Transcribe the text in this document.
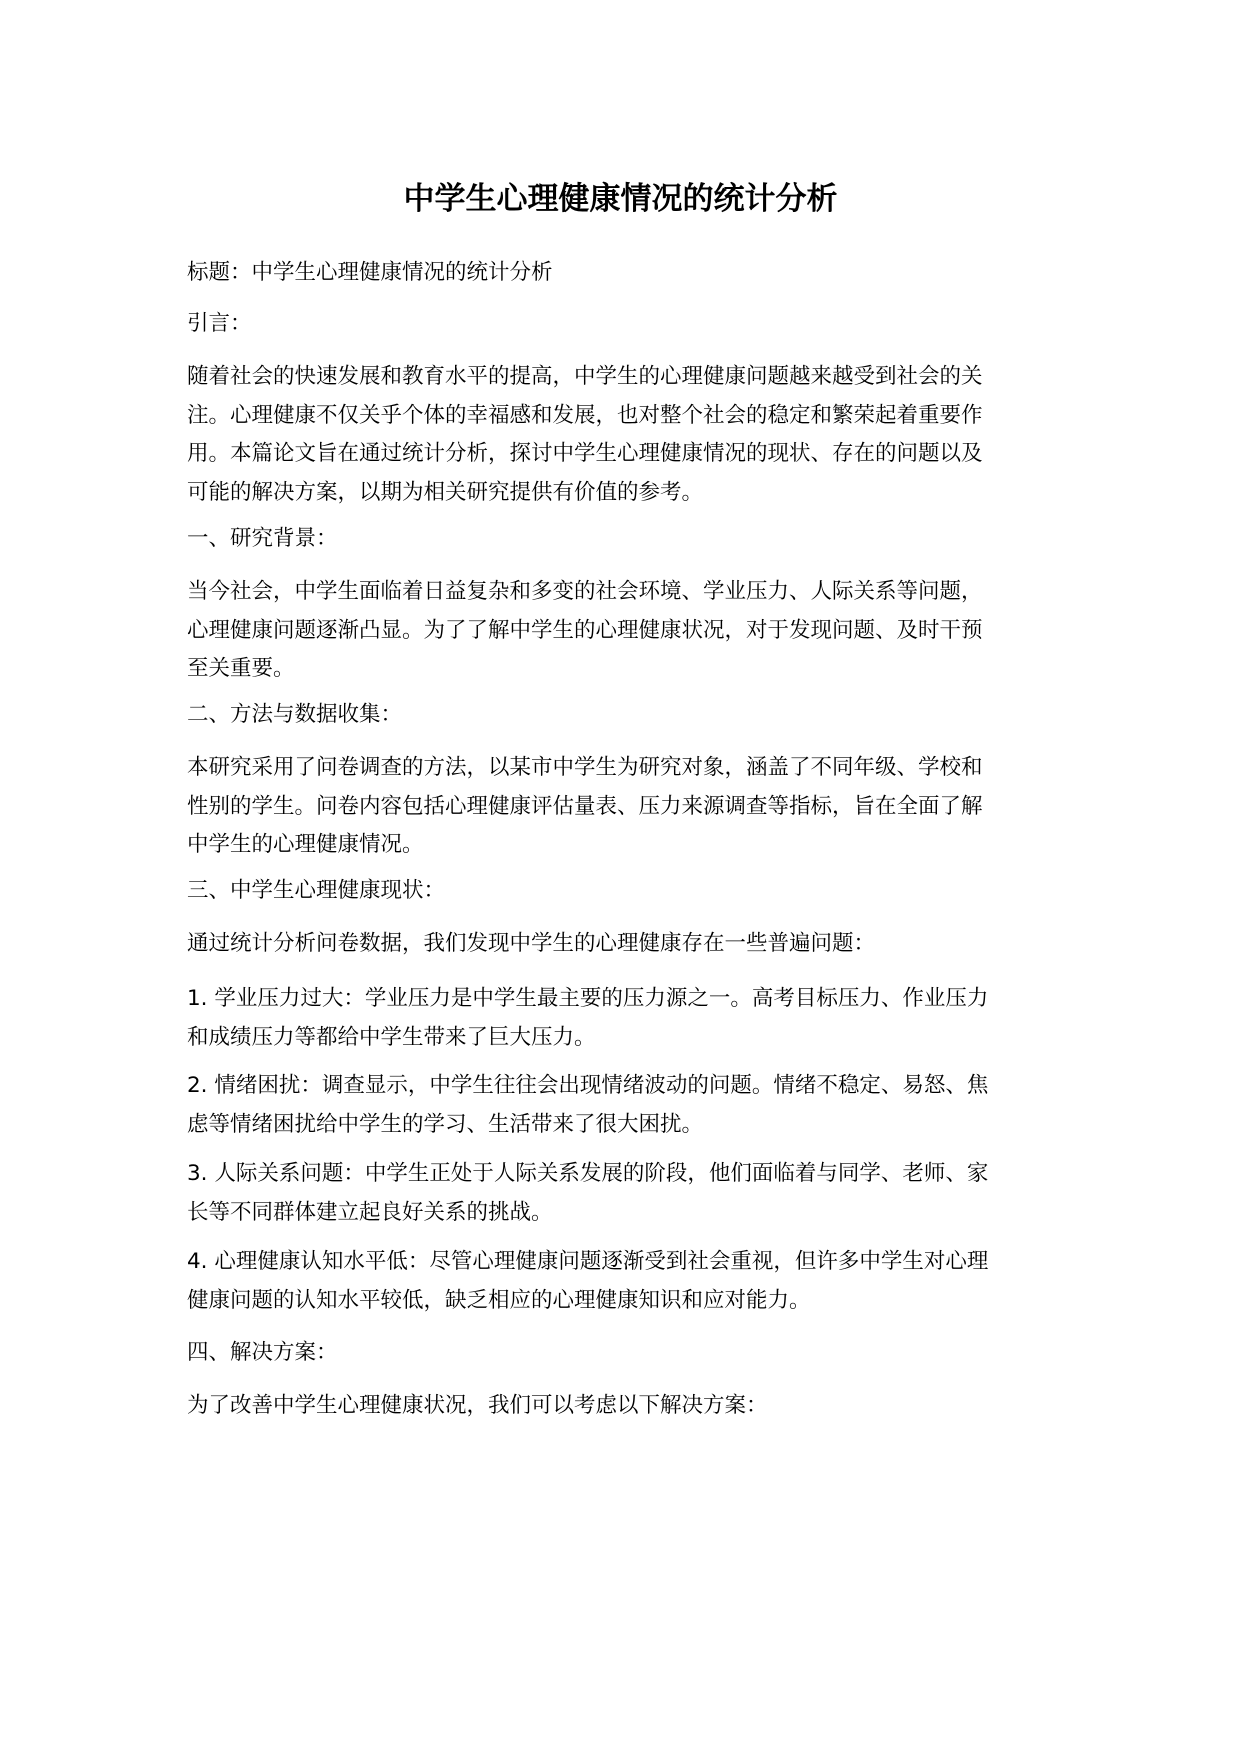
中学生心理健康情况的统计分析

标题：中学生心理健康情况的统计分析

引言：

随着社会的快速发展和教育水平的提高，中学生的心理健康问题越来越受到社会的关
注。心理健康不仅关乎个体的幸福感和发展，也对整个社会的稳定和繁荣起着重要作
用。本篇论文旨在通过统计分析，探讨中学生心理健康情况的现状、存在的问题以及
可能的解决方案，以期为相关研究提供有价值的参考。

一、研究背景：

当今社会，中学生面临着日益复杂和多变的社会环境、学业压力、人际关系等问题，
心理健康问题逐渐凸显。为了了解中学生的心理健康状况，对于发现问题、及时干预
至关重要。

二、方法与数据收集：

本研究采用了问卷调查的方法，以某市中学生为研究对象，涵盖了不同年级、学校和
性别的学生。问卷内容包括心理健康评估量表、压力来源调查等指标，旨在全面了解
中学生的心理健康情况。

三、中学生心理健康现状：

通过统计分析问卷数据，我们发现中学生的心理健康存在一些普遍问题：

1. 学业压力过大：学业压力是中学生最主要的压力源之一。高考目标压力、作业压力
和成绩压力等都给中学生带来了巨大压力。

2. 情绪困扰：调查显示，中学生往往会出现情绪波动的问题。情绪不稳定、易怒、焦
虑等情绪困扰给中学生的学习、生活带来了很大困扰。

3. 人际关系问题：中学生正处于人际关系发展的阶段，他们面临着与同学、老师、家
长等不同群体建立起良好关系的挑战。

4. 心理健康认知水平低：尽管心理健康问题逐渐受到社会重视，但许多中学生对心理
健康问题的认知水平较低，缺乏相应的心理健康知识和应对能力。

四、解决方案：

为了改善中学生心理健康状况，我们可以考虑以下解决方案：
